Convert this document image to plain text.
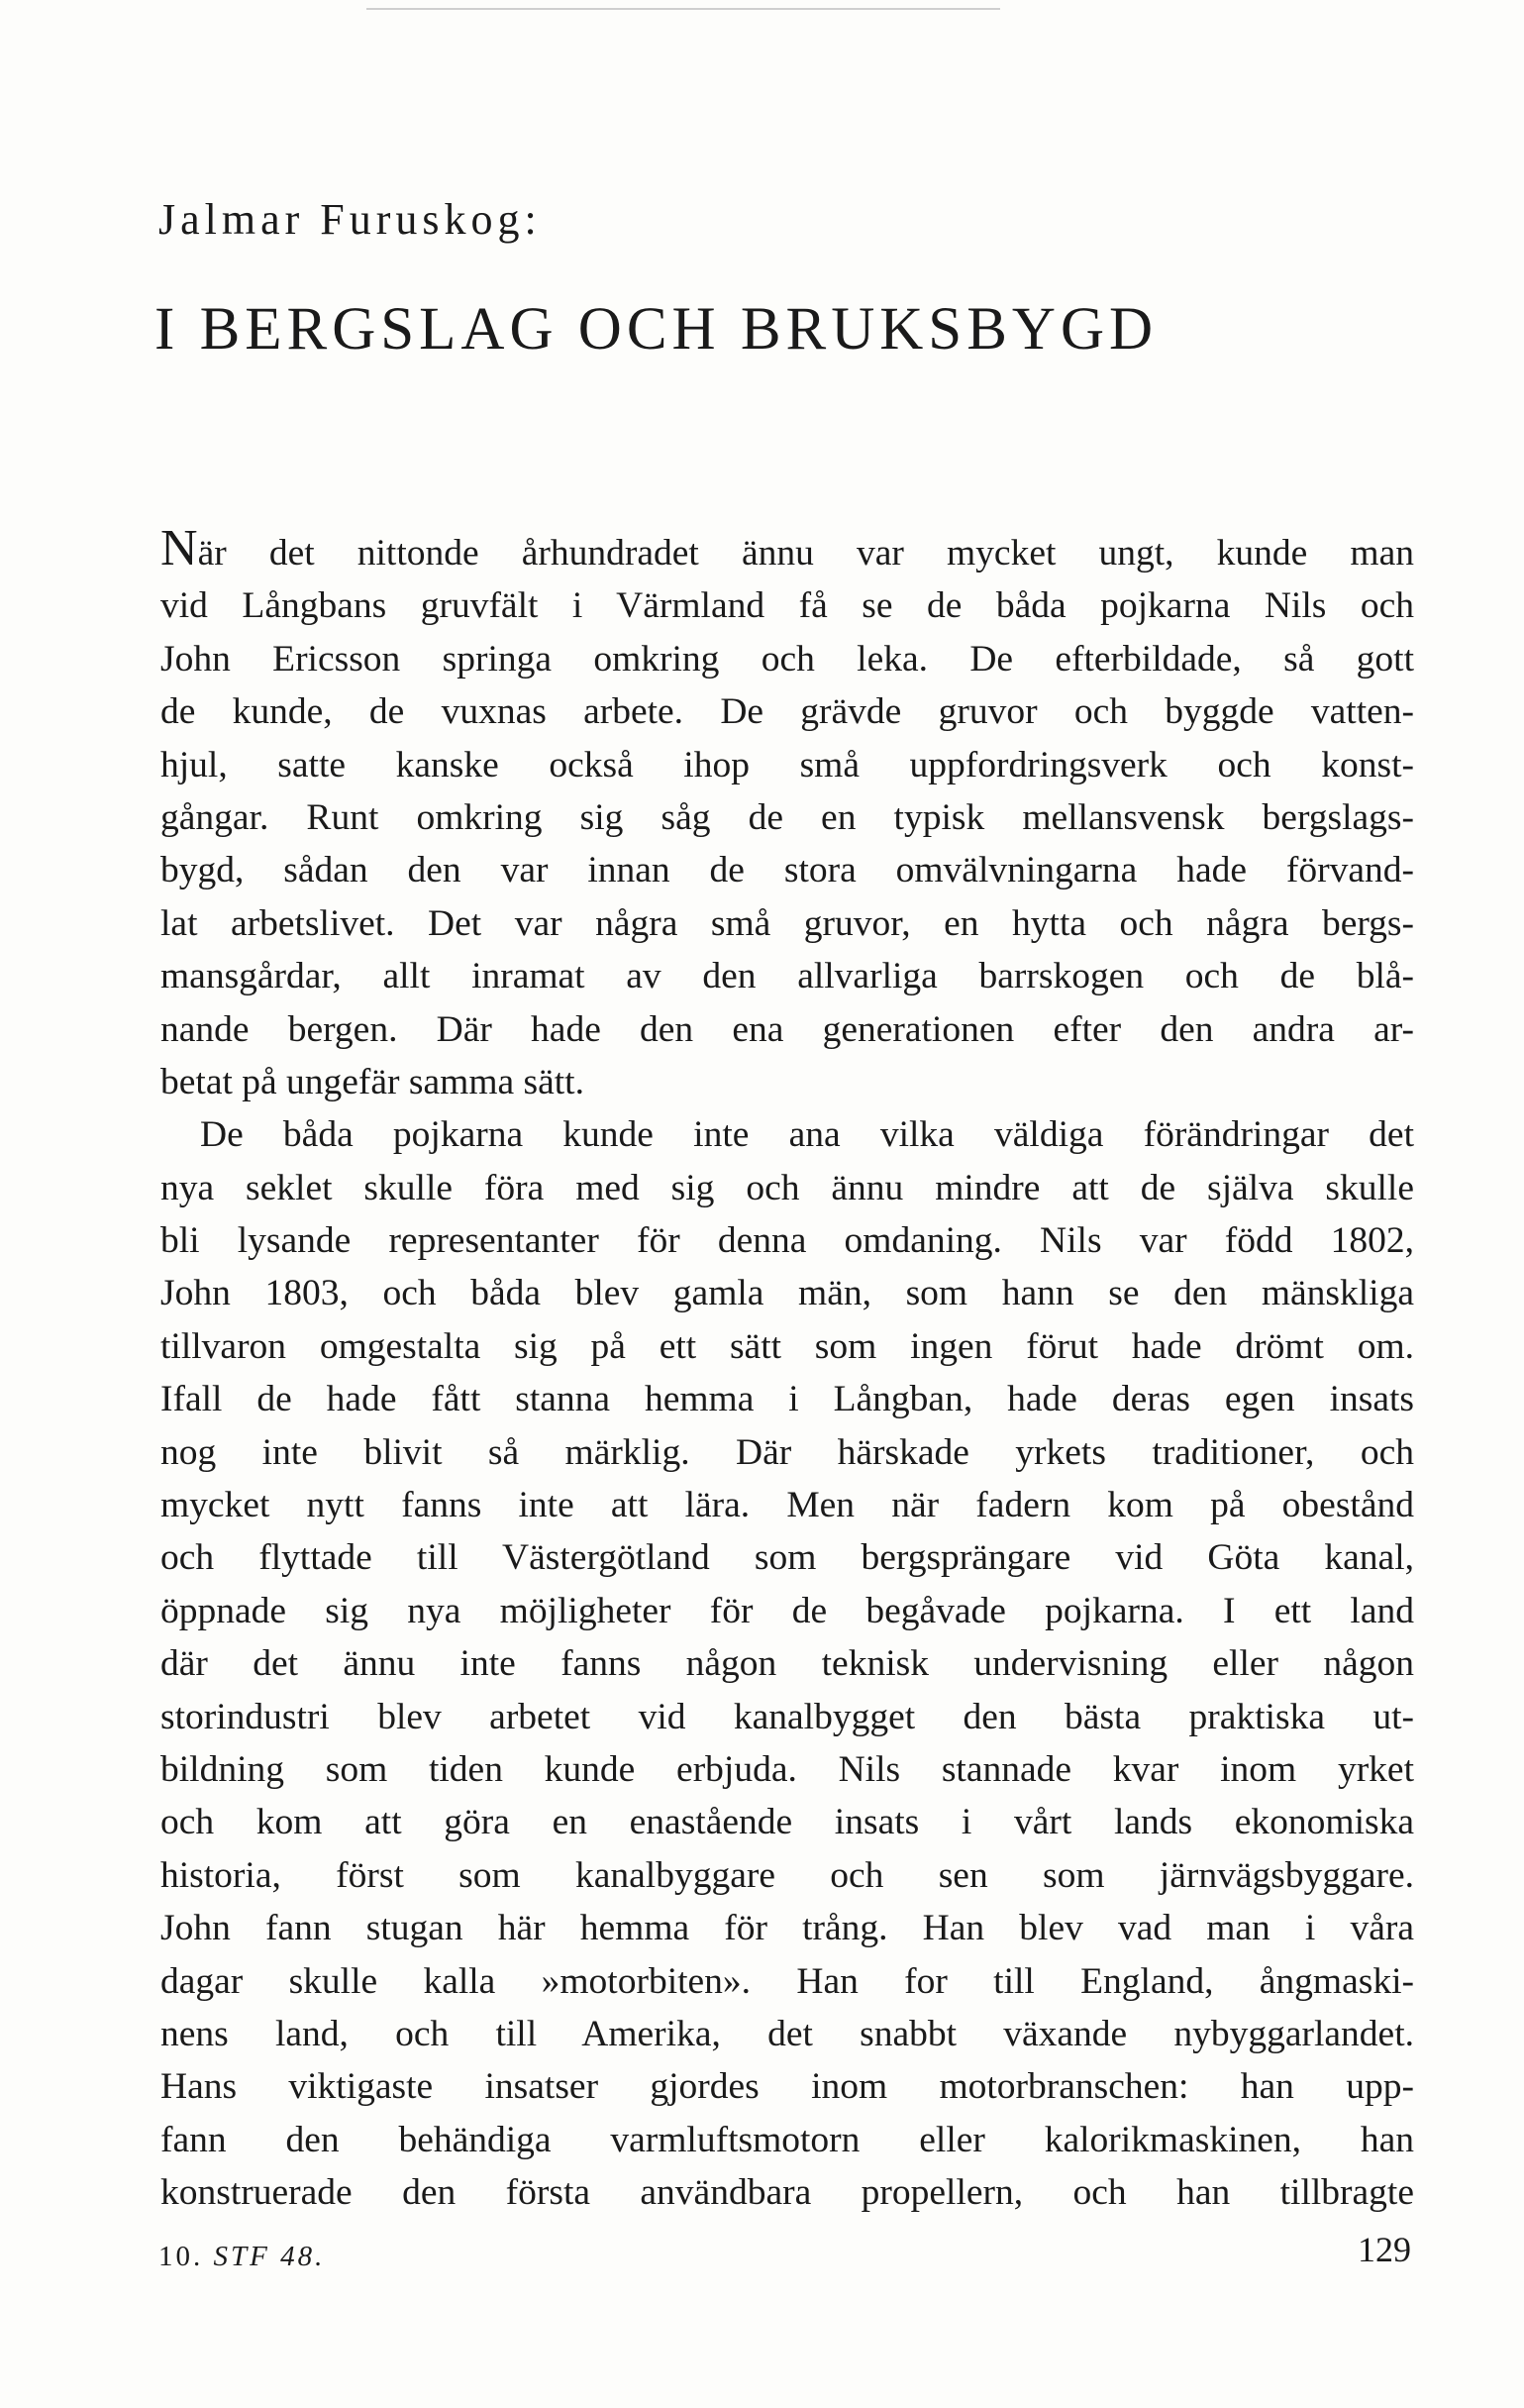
Jalmar Furuskog:
I BERGSLAG OCH BRUKSBYGD
När det nittonde århundradet ännu var mycket ungt, kunde man
vid Långbans gruvfält i Värmland få se de båda pojkarna Nils och
John Ericsson springa omkring och leka. De efterbildade, så gott
de kunde, de vuxnas arbete. De grävde gruvor och byggde vatten-
hjul, satte kanske också ihop små uppfordringsverk och konst-
gångar. Runt omkring sig såg de en typisk mellansvensk bergslags-
bygd, sådan den var innan de stora omvälvningarna hade förvand-
lat arbetslivet. Det var några små gruvor, en hytta och några bergs-
mansgårdar, allt inramat av den allvarliga barrskogen och de blå-
nande bergen. Där hade den ena generationen efter den andra ar-
betat på ungefär samma sätt.
De båda pojkarna kunde inte ana vilka väldiga förändringar det
nya seklet skulle föra med sig och ännu mindre att de själva skulle
bli lysande representanter för denna omdaning. Nils var född 1802,
John 1803, och båda blev gamla män, som hann se den mänskliga
tillvaron omgestalta sig på ett sätt som ingen förut hade drömt om.
Ifall de hade fått stanna hemma i Långban, hade deras egen insats
nog inte blivit så märklig. Där härskade yrkets traditioner, och
mycket nytt fanns inte att lära. Men när fadern kom på obestånd
och flyttade till Västergötland som bergsprängare vid Göta kanal,
öppnade sig nya möjligheter för de begåvade pojkarna. I ett land
där det ännu inte fanns någon teknisk undervisning eller någon
storindustri blev arbetet vid kanalbygget den bästa praktiska ut-
bildning som tiden kunde erbjuda. Nils stannade kvar inom yrket
och kom att göra en enastående insats i vårt lands ekonomiska
historia, först som kanalbyggare och sen som järnvägsbyggare.
John fann stugan här hemma för trång. Han blev vad man i våra
dagar skulle kalla »motorbiten». Han for till England, ångmaski-
nens land, och till Amerika, det snabbt växande nybyggarlandet.
Hans viktigaste insatser gjordes inom motorbranschen: han upp-
fann den behändiga varmluftsmotorn eller kalorikmaskinen, han
konstruerade den första användbara propellern, och han tillbragte
10. STF 48.	129
